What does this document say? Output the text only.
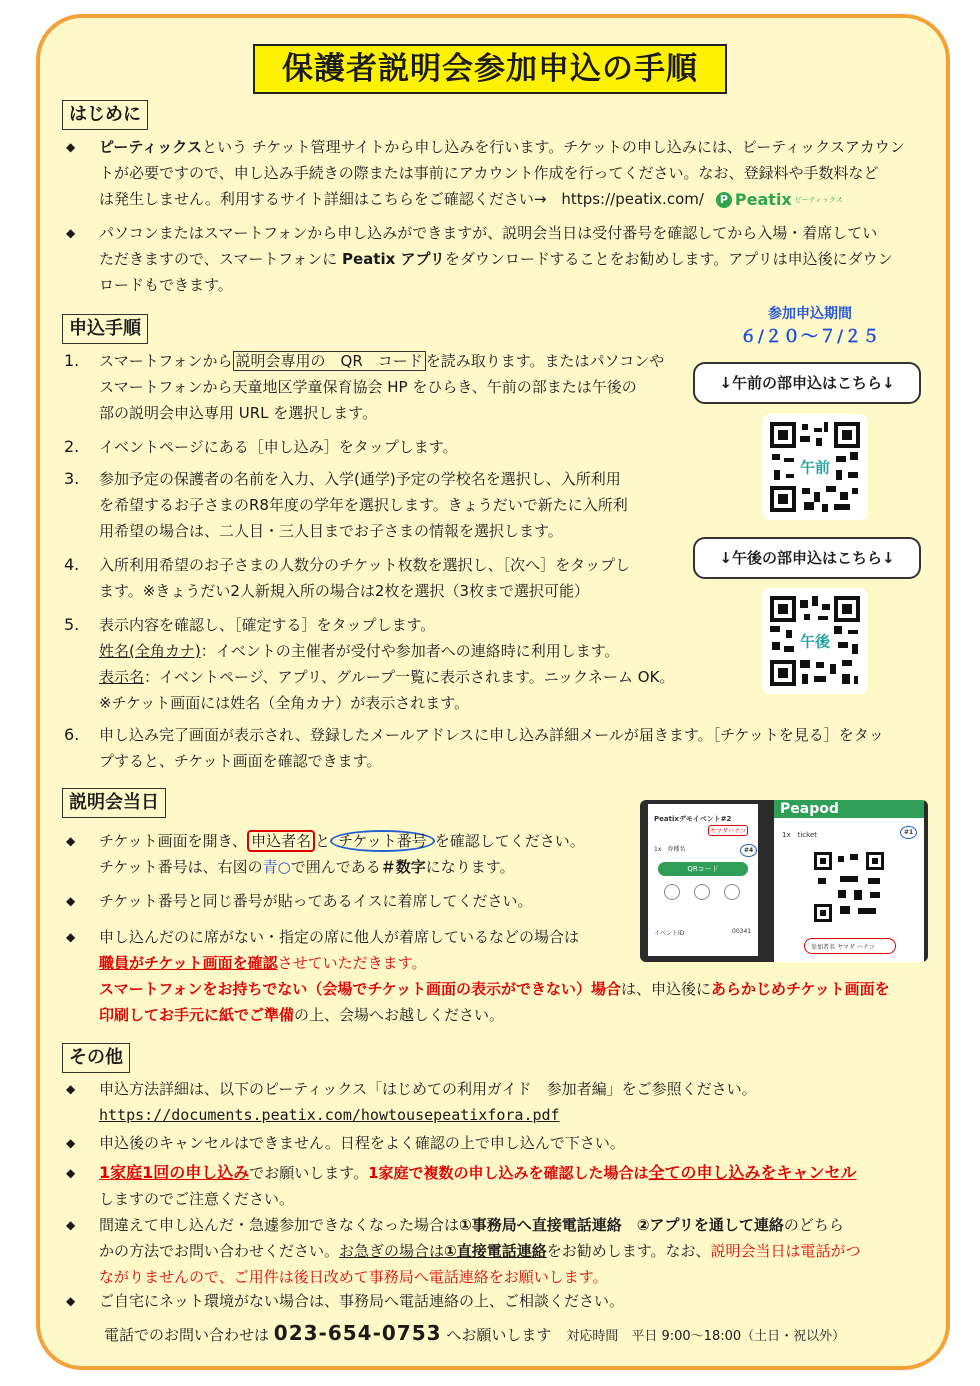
保護者説明会参加申込の手順
はじめに
◆ ピーティックスという チケット管理サイトから申し込みを行います。チケットの申し込みには、ピーティックスアカウン
トが必要ですので、申し込み手続きの際または事前にアカウント作成を行ってください。なお、登録料や手数料など
は発生しません。利用するサイト詳細はこちらをご確認ください→　https://peatix.com/	P Peatix ピーティックス
◆ パソコンまたはスマートフォンから申し込みができますが、説明会当日は受付番号を確認してから入場・着席してい
ただきますので、スマートフォンに Peatix アプリをダウンロードすることをお勧めします。アプリは申込後にダウン
ロードもできます。
申込手順
参加申込期間
６/２０～７/２５
1. スマートフォンから 説明会専用の　QR　コード を読み取ります。またはパソコンや
スマートフォンから天童地区学童保育協会 HP をひらき、午前の部または午後の
部の説明会申込専用 URL を選択します。
2. イベントページにある［申し込み］をタップします。
3. 参加予定の保護者の名前を入力、入学(通学)予定の学校名を選択し、入所利用
を希望するお子さまのR8年度の学年を選択します。きょうだいで新たに入所利
用希望の場合は、二人目・三人目までお子さまの情報を選択します。
4. 入所利用希望のお子さまの人数分のチケット枚数を選択し、［次へ］をタップし
ます。※きょうだい2人新規入所の場合は2枚を選択（3枚まで選択可能）
5. 表示内容を確認し、［確定する］をタップします。
姓名(全角カナ)：イベントの主催者が受付や参加者への連絡時に利用します。
表示名：イベントページ、アプリ、グループ一覧に表示されます。ニックネーム OK。
※チケット画面には姓名（全角カナ）が表示されます。
6. 申し込み完了画面が表示され、登録したメールアドレスに申し込み詳細メールが届きます。［チケットを見る］をタッ
プすると、チケット画面を確認できます。
↓午前の部申込はこちら↓
午前
↓午後の部申込はこちら↓
午後
説明会当日
◆ チケット画面を開き、 申込者名 と チケット番号 を確認してください。
チケット番号は、右図の青○で囲んである＃数字になります。
◆ チケット番号と同じ番号が貼ってあるイスに着席してください。
◆ 申し込んだのに席がない・指定の席に他人が着席しているなどの場合は
職員がチケット画面を確認させていただきます。
スマートフォンをお持ちでない（会場でチケット画面の表示ができない）場合は、申込後にあらかじめチケット画面を
印刷してお手元に紙でご準備の上、会場へお越しください。
Peatixデモイベント#2
ヤマダハナコ
1x　券種名	#4
QRコード
イベントID	00341
Peapod
1x　ticket	#1
参加者名 ヤマダ ハナコ
その他
◆ 申込方法詳細は、以下のピーティックス「はじめての利用ガイド　参加者編」をご参照ください。
https://documents.peatix.com/howtousepeatixfora.pdf
◆ 申込後のキャンセルはできません。日程をよく確認の上で申し込んで下さい。
◆ 1家庭1回の申し込みでお願いします。1家庭で複数の申し込みを確認した場合は全ての申し込みをキャンセル
しますのでご注意ください。
◆ 間違えて申し込んだ・急遽参加できなくなった場合は①事務局へ直接電話連絡　②アプリを通して連絡のどちら
かの方法でお問い合わせください。お急ぎの場合は①直接電話連絡をお勧めします。なお、説明会当日は電話がつ
ながりませんので、ご用件は後日改めて事務局へ電話連絡をお願いします。
◆ ご自宅にネット環境がない場合は、事務局へ電話連絡の上、ご相談ください。
電話でのお問い合わせは 023-654-0753 へお願いします　 対応時間　平日 9:00～18:00（土日・祝以外）
